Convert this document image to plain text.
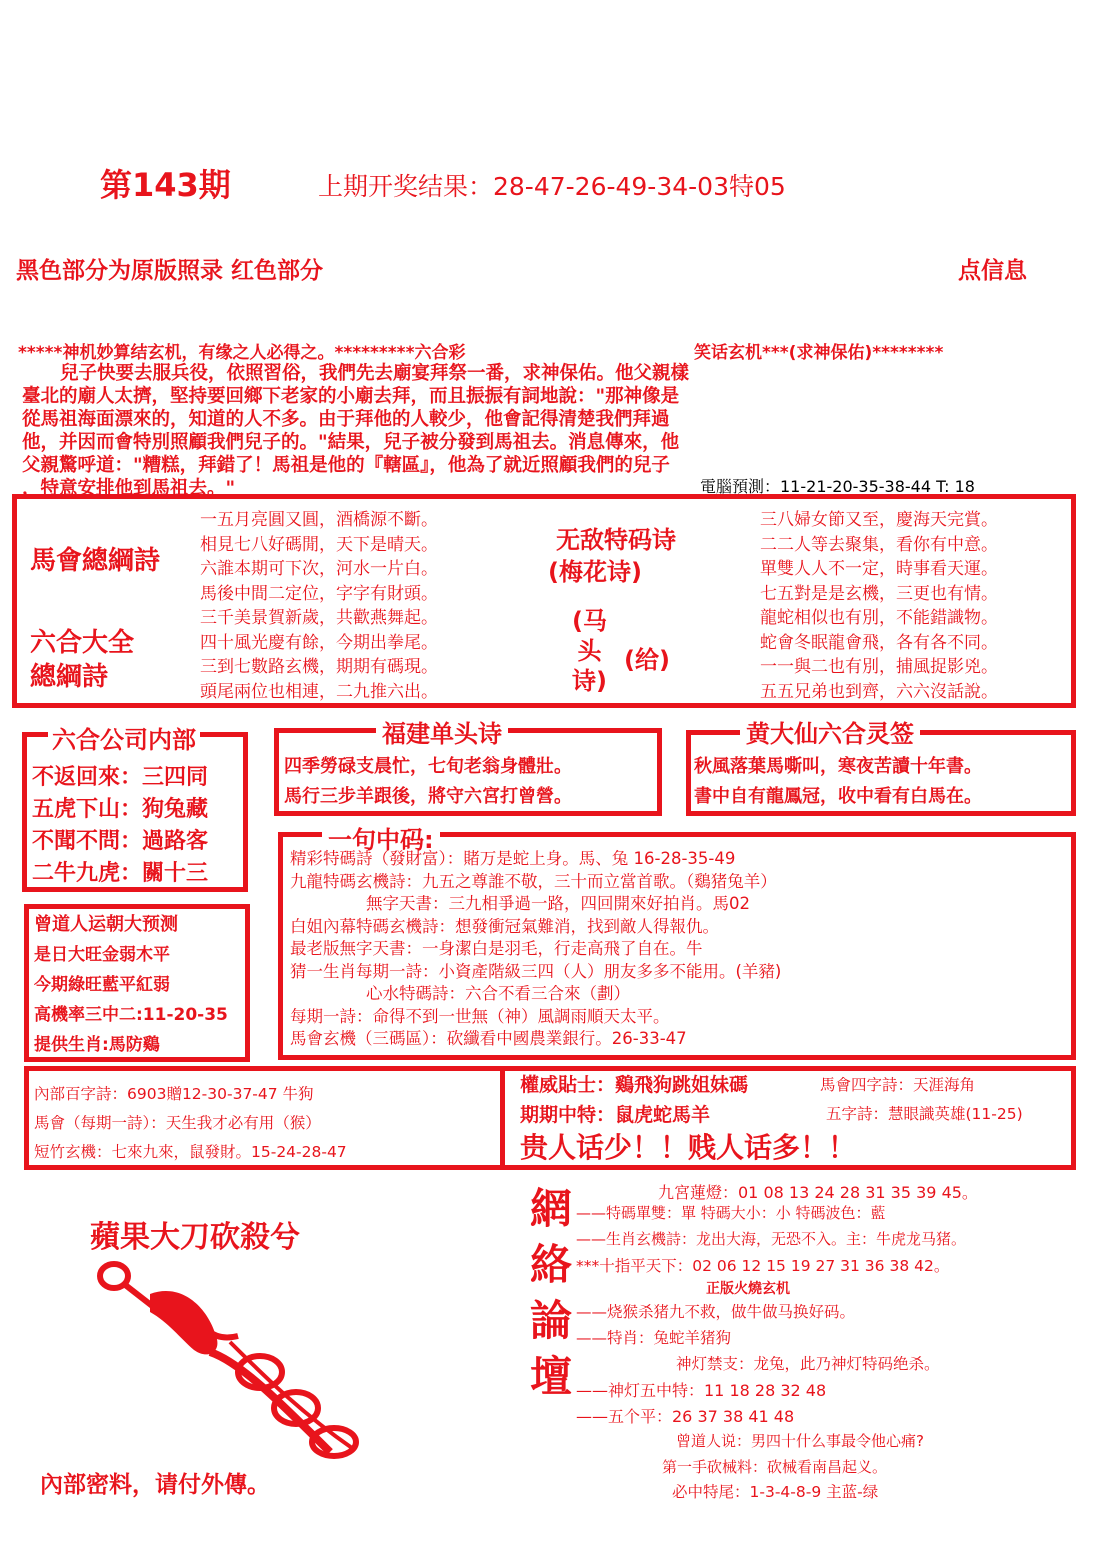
第143期	上期开奖结果：28-47-26-49-34-03特05
黑色部分为原版照录 红色部分	点信息
*****神机妙算结玄机，有缘之人必得之。*********六合彩	笑话玄机***(求神保佑)********
兒子快要去服兵役，依照習俗，我們先去廟宴拜祭一番，求神保佑。他父親樣
臺北的廟人太擠，堅持要回鄉下老家的小廟去拜，而且振振有詞地說："那神像是
從馬祖海面漂來的，知道的人不多。由于拜他的人較少，他會記得清楚我們拜過
他，并因而會特別照顧我們兒子的。"結果，兒子被分發到馬祖去。消息傳來，他
父親驚呼道："糟糕，拜錯了！馬祖是他的『轄區』，他為了就近照顧我們的兒子
，特意安排他到馬祖去。"	電腦預測：11-21-20-35-38-44 T: 18
馬會總綱詩
六合大全
總綱詩
一五月亮圓又圓，酒橋源不斷。
相見七八好碼閒，天下是晴天。
六誰本期可下次，河水一片白。
馬後中間二定位，字字有財頭。
三千美景賀新歲，共歡燕舞起。
四十風光慶有餘，今期出拳尾。
三到七數路玄機，期期有碼現。
頭尾兩位也相連，二九推六出。
无敌特码诗
(梅花诗)
(马
头
诗)
(给)
三八婦女節又至，慶海天完賞。
二二人等去聚集，看你有中意。
單雙人人不一定，時事看天運。
七五對是是玄機，三更也有情。
龍蛇相似也有別，不能錯識物。
蛇會冬眠龍會飛，各有各不同。
一一與二也有別，捕風捉影兇。
五五兄弟也到齊，六六沒話說。
六合公司内部
不返回來：三四同
五虎下山：狗兔藏
不聞不問：過路客
二牛九虎：關十三
福建单头诗
四季勞碌支晨忙，七旬老翁身體壯。
馬行三步羊跟後，將守六宮打曾營。
黄大仙六合灵签
秋風落葉馬嘶叫，寒夜苦讀十年書。
書中自有龍鳳冠，收中看有白馬在。
曾道人运朝大预测
是日大旺金弱木平
今期綠旺藍平紅弱
高機率三中二:11-20-35
提供生肖:馬防鷄
一句中码:
精彩特碼詩（發財富）：賭万是蛇上身。馬、兔 16-28-35-49
九龍特碼玄機詩：九五之尊誰不敬，三十而立當首歌。（鷄猪兔羊）
無字天書：三九相爭過一路，四回開來好拍肖。馬02
白姐內幕特碼玄機詩：想發衝冠氣難消，找到敵人得報仇。
最老版無字天書：一身潔白是羽毛，行走高飛了自在。牛
猜一生肖每期一詩：小資產階級三四（人）朋友多多不能用。(羊豬)
心水特碼詩：六合不看三合來（劃）
每期一詩：命得不到一世無（神）風調雨順天太平。
馬會玄機（三碼區）：砍纖看中國農業銀行。26-33-47
內部百字詩：6903贈12-30-37-47 牛狗
馬會（每期一詩）：天生我才必有用（猴）
短竹玄機：七來九來，鼠發財。15-24-28-47
權威貼士：鷄飛狗跳姐妹碼	馬會四字詩：天涯海角
期期中特：鼠虎蛇馬羊	五字詩：慧眼識英雄(11-25)
贵人话少！！贱人话多！！
蘋果大刀砍殺兮
內部密料，请付外傳。
網絡論壇	九宮蓮燈：01 08 13 24 28 31 35 39 45。
——特碼單雙：單 特碼大小：小 特碼波色：藍
——生肖玄機詩：龙出大海，无恐不入。主：牛虎龙马猪。
***十指平天下：02 06 12 15 19 27 31 36 38 42。
正版火燒玄机
——烧猴杀猪九不救，做牛做马换好码。
——特肖：兔蛇羊猪狗
神灯禁支：龙兔，此乃神灯特码绝杀。
——神灯五中特：11 18 28 32 48
——五个平：26 37 38 41 48
曾道人说：男四十什么事最令他心痛?
第一手砍械料：砍械看南昌起义。
必中特尾：1-3-4-8-9 主蓝-绿
